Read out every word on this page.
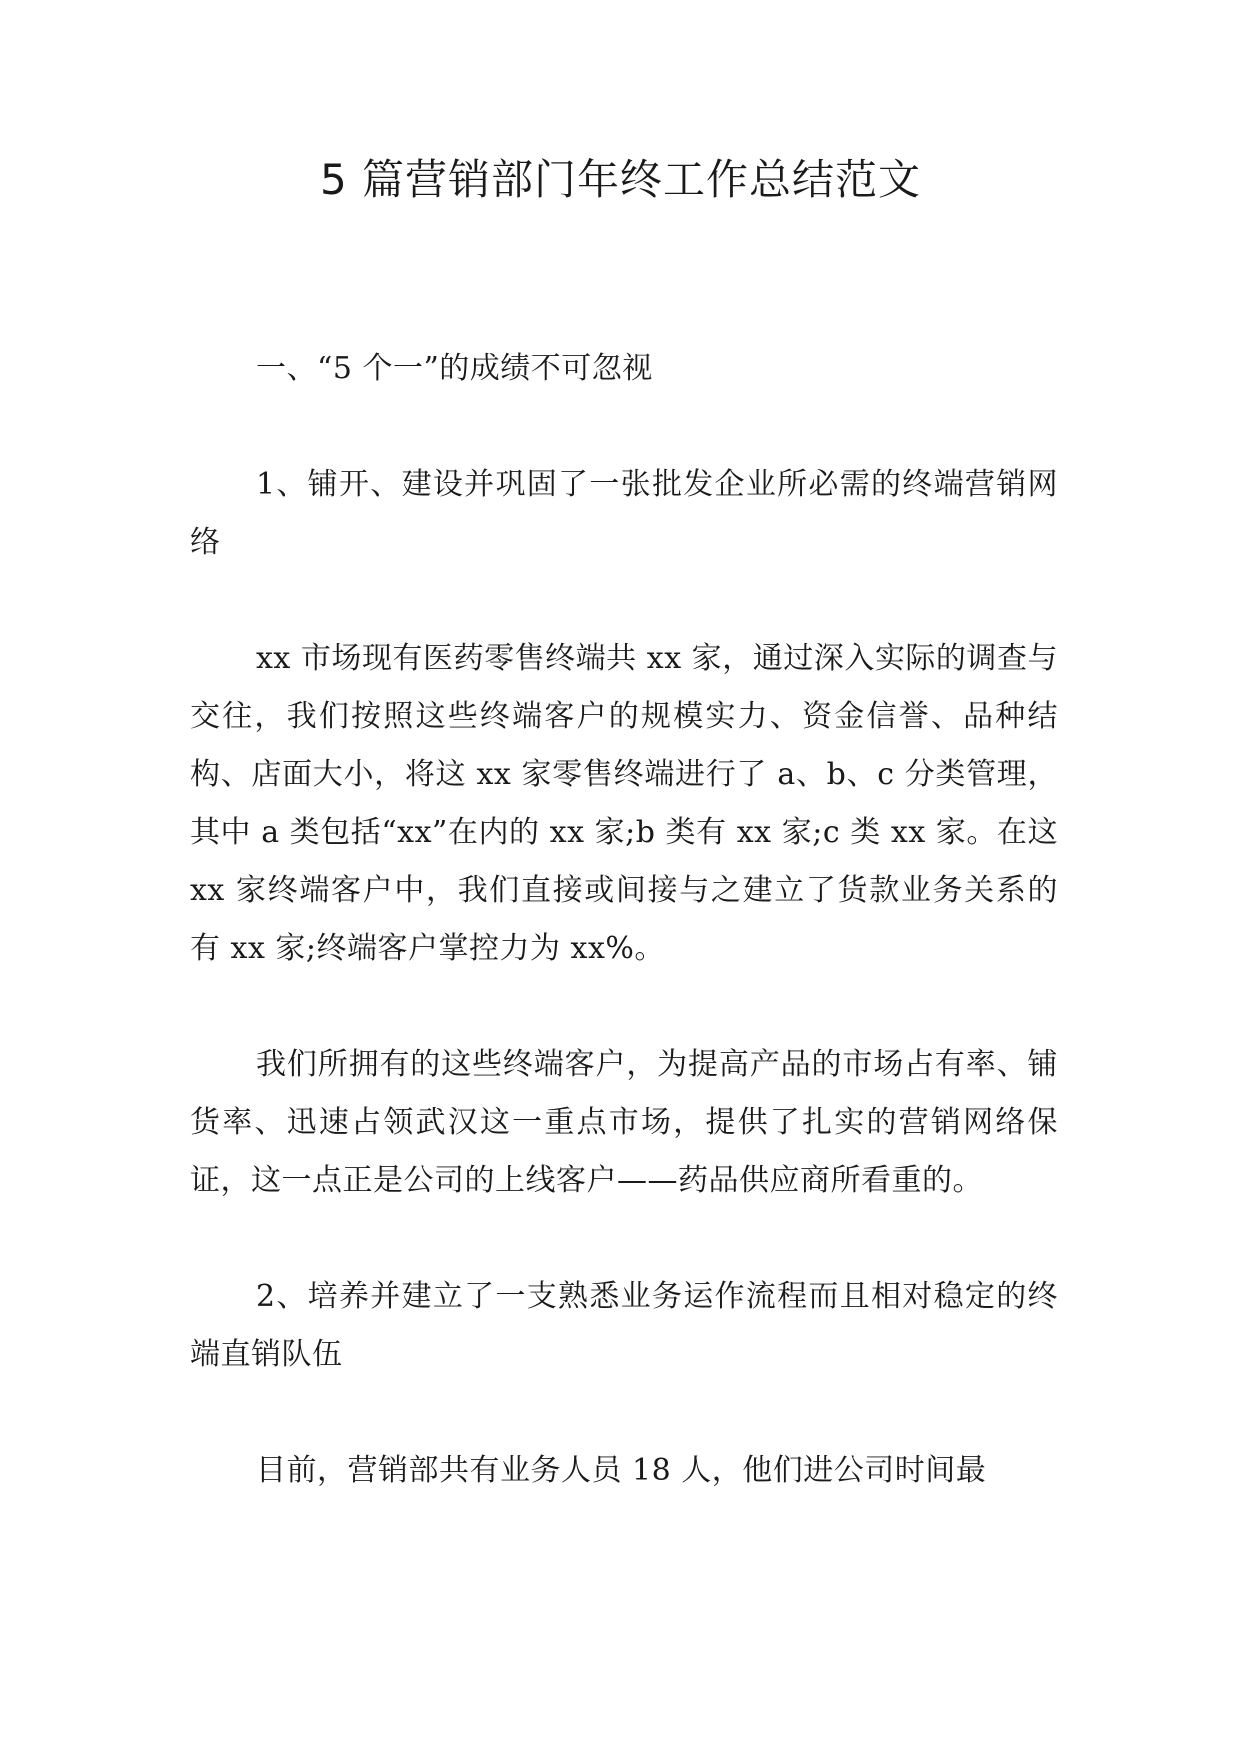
5 篇营销部门年终工作总结范文

一、“5 个一”的成绩不可忽视

1、铺开、建设并巩固了一张批发企业所必需的终端营销网络

xx 市场现有医药零售终端共 xx 家，通过深入实际的调查与交往，我们按照这些终端客户的规模实力、资金信誉、品种结构、店面大小，将这 xx 家零售终端进行了 a、b、c 分类管理，其中 a 类包括“xx”在内的 xx 家;b 类有 xx 家;c 类 xx 家。在这 xx 家终端客户中，我们直接或间接与之建立了货款业务关系的有 xx 家;终端客户掌控力为 xx%。

我们所拥有的这些终端客户，为提高产品的市场占有率、铺货率、迅速占领武汉这一重点市场，提供了扎实的营销网络保证，这一点正是公司的上线客户——药品供应商所看重的。

2、培养并建立了一支熟悉业务运作流程而且相对稳定的终端直销队伍

目前，营销部共有业务人员 18 人，他们进公司时间最
